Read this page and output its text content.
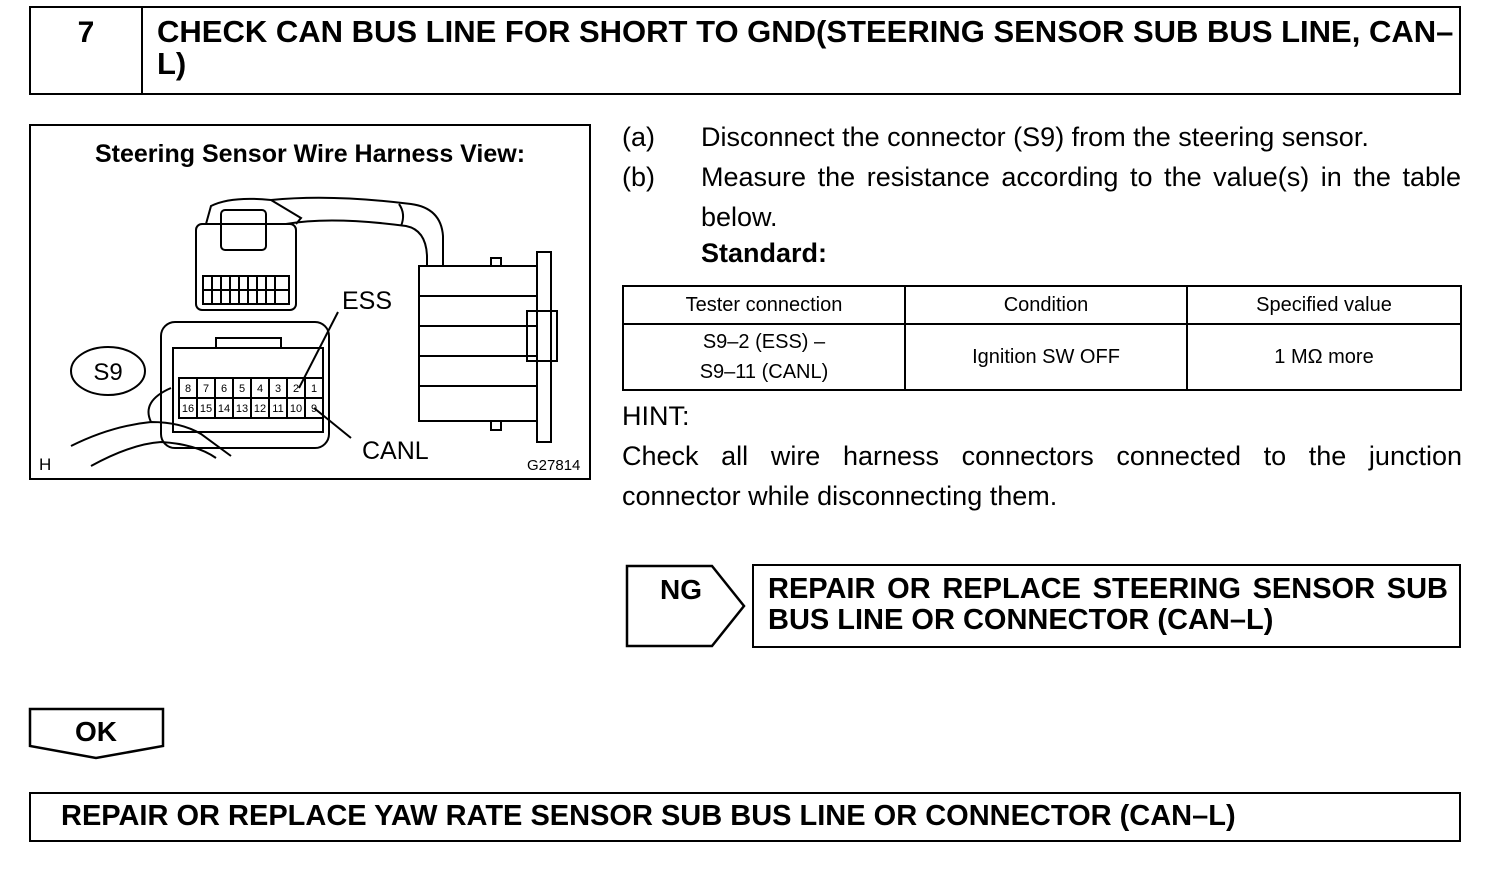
7	CHECK CAN BUS LINE FOR SHORT TO GND(STEERING SENSOR SUB BUS LINE, CAN–L)
Steering Sensor Wire Harness View:
8 7 6 5 4 3 2 1
16 15 14 13 12 11 10 9
S9
ESS
CANL
H	G27814
(a) Disconnect the connector (S9) from the steering sensor.
(b) Measure the resistance according to the value(s) in the table below.
Standard:
Tester connection	Condition	Specified value

S9–2 (ESS) –
S9–11 (CANL)	Ignition SW OFF	1 MΩ more
HINT:
Check all wire harness connectors connected to the junction connector while disconnecting them.
NG	REPAIR OR REPLACE STEERING SENSOR SUB BUS LINE OR CONNECTOR (CAN–L)
OK
REPAIR OR REPLACE YAW RATE SENSOR SUB BUS LINE OR CONNECTOR (CAN–L)
